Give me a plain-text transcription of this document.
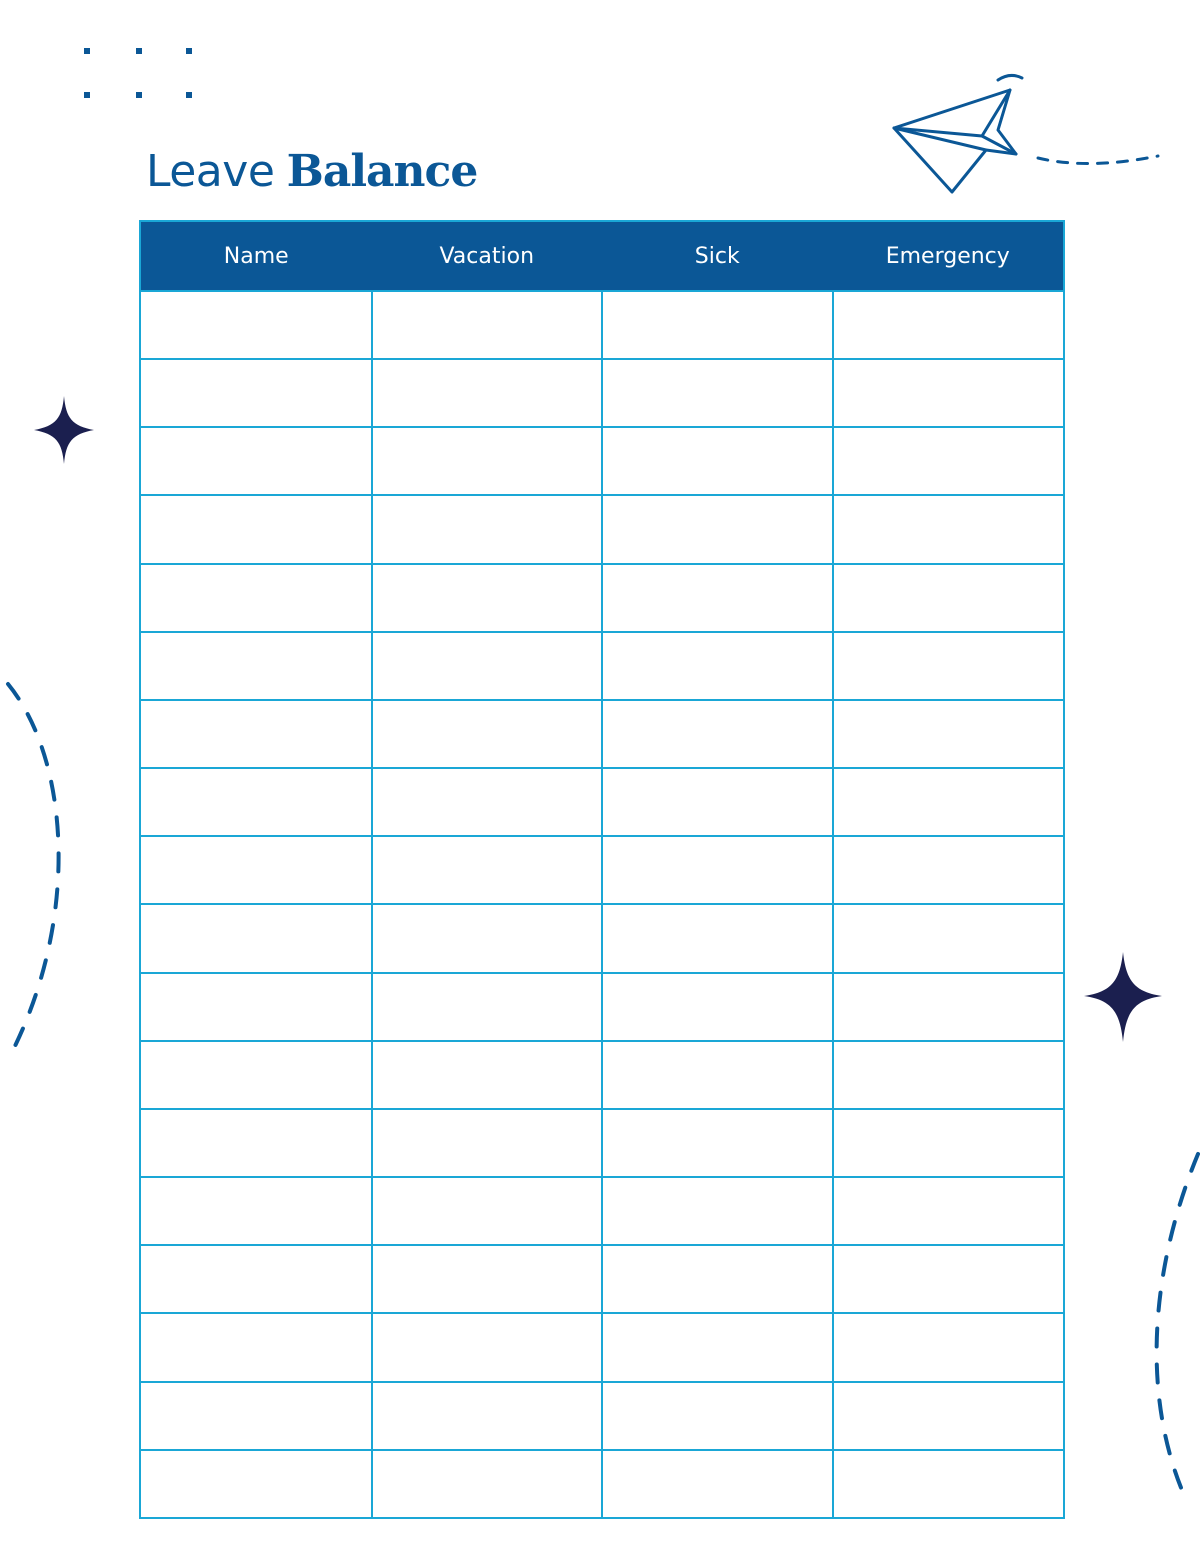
Leave Balance
Name	Vacation	Sick	Emergency
